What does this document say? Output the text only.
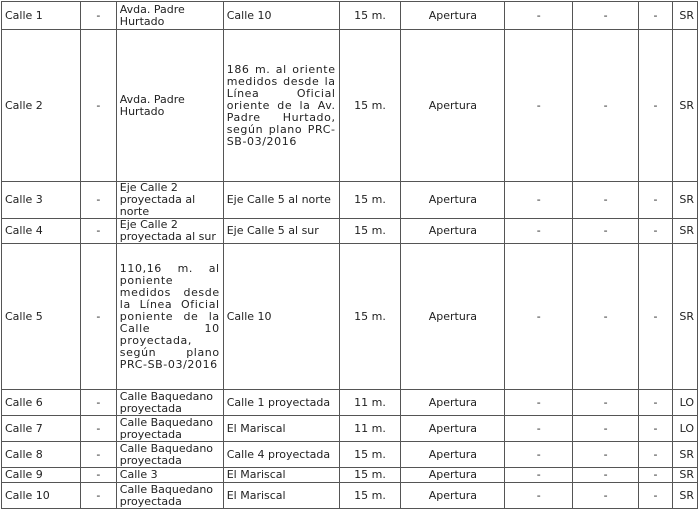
Calle 1	-	Avda. Padre Hurtado	Calle 10	15 m.	Apertura	-	-	-	SR
Calle 2	-	Avda. Padre Hurtado	186 m. al oriente medidos desde la Línea Oficial oriente de la Av. Padre Hurtado, según plano PRC-SB-03/2016	15 m.	Apertura	-	-	-	SR
Calle 3	-	Eje Calle 2 proyectada al norte	Eje Calle 5 al norte	15 m.	Apertura	-	-	-	SR
Calle 4	-	Eje Calle 2 proyectada al sur	Eje Calle 5 al sur	15 m.	Apertura	-	-	-	SR
Calle 5	-	110,16 m. al poniente medidos desde la Línea Oficial poniente de la Calle 10 proyectada, según plano PRC-SB-03/2016	Calle 10	15 m.	Apertura	-	-	-	SR
Calle 6	-	Calle Baquedano proyectada	Calle 1 proyectada	11 m.	Apertura	-	-	-	LO
Calle 7	-	Calle Baquedano proyectada	El Mariscal	11 m.	Apertura	-	-	-	LO
Calle 8	-	Calle Baquedano proyectada	Calle 4 proyectada	15 m.	Apertura	-	-	-	SR
Calle 9	-	Calle 3	El Mariscal	15 m.	Apertura	-	-	-	SR
Calle 10	-	Calle Baquedano proyectada	El Mariscal	15 m.	Apertura	-	-	-	SR
